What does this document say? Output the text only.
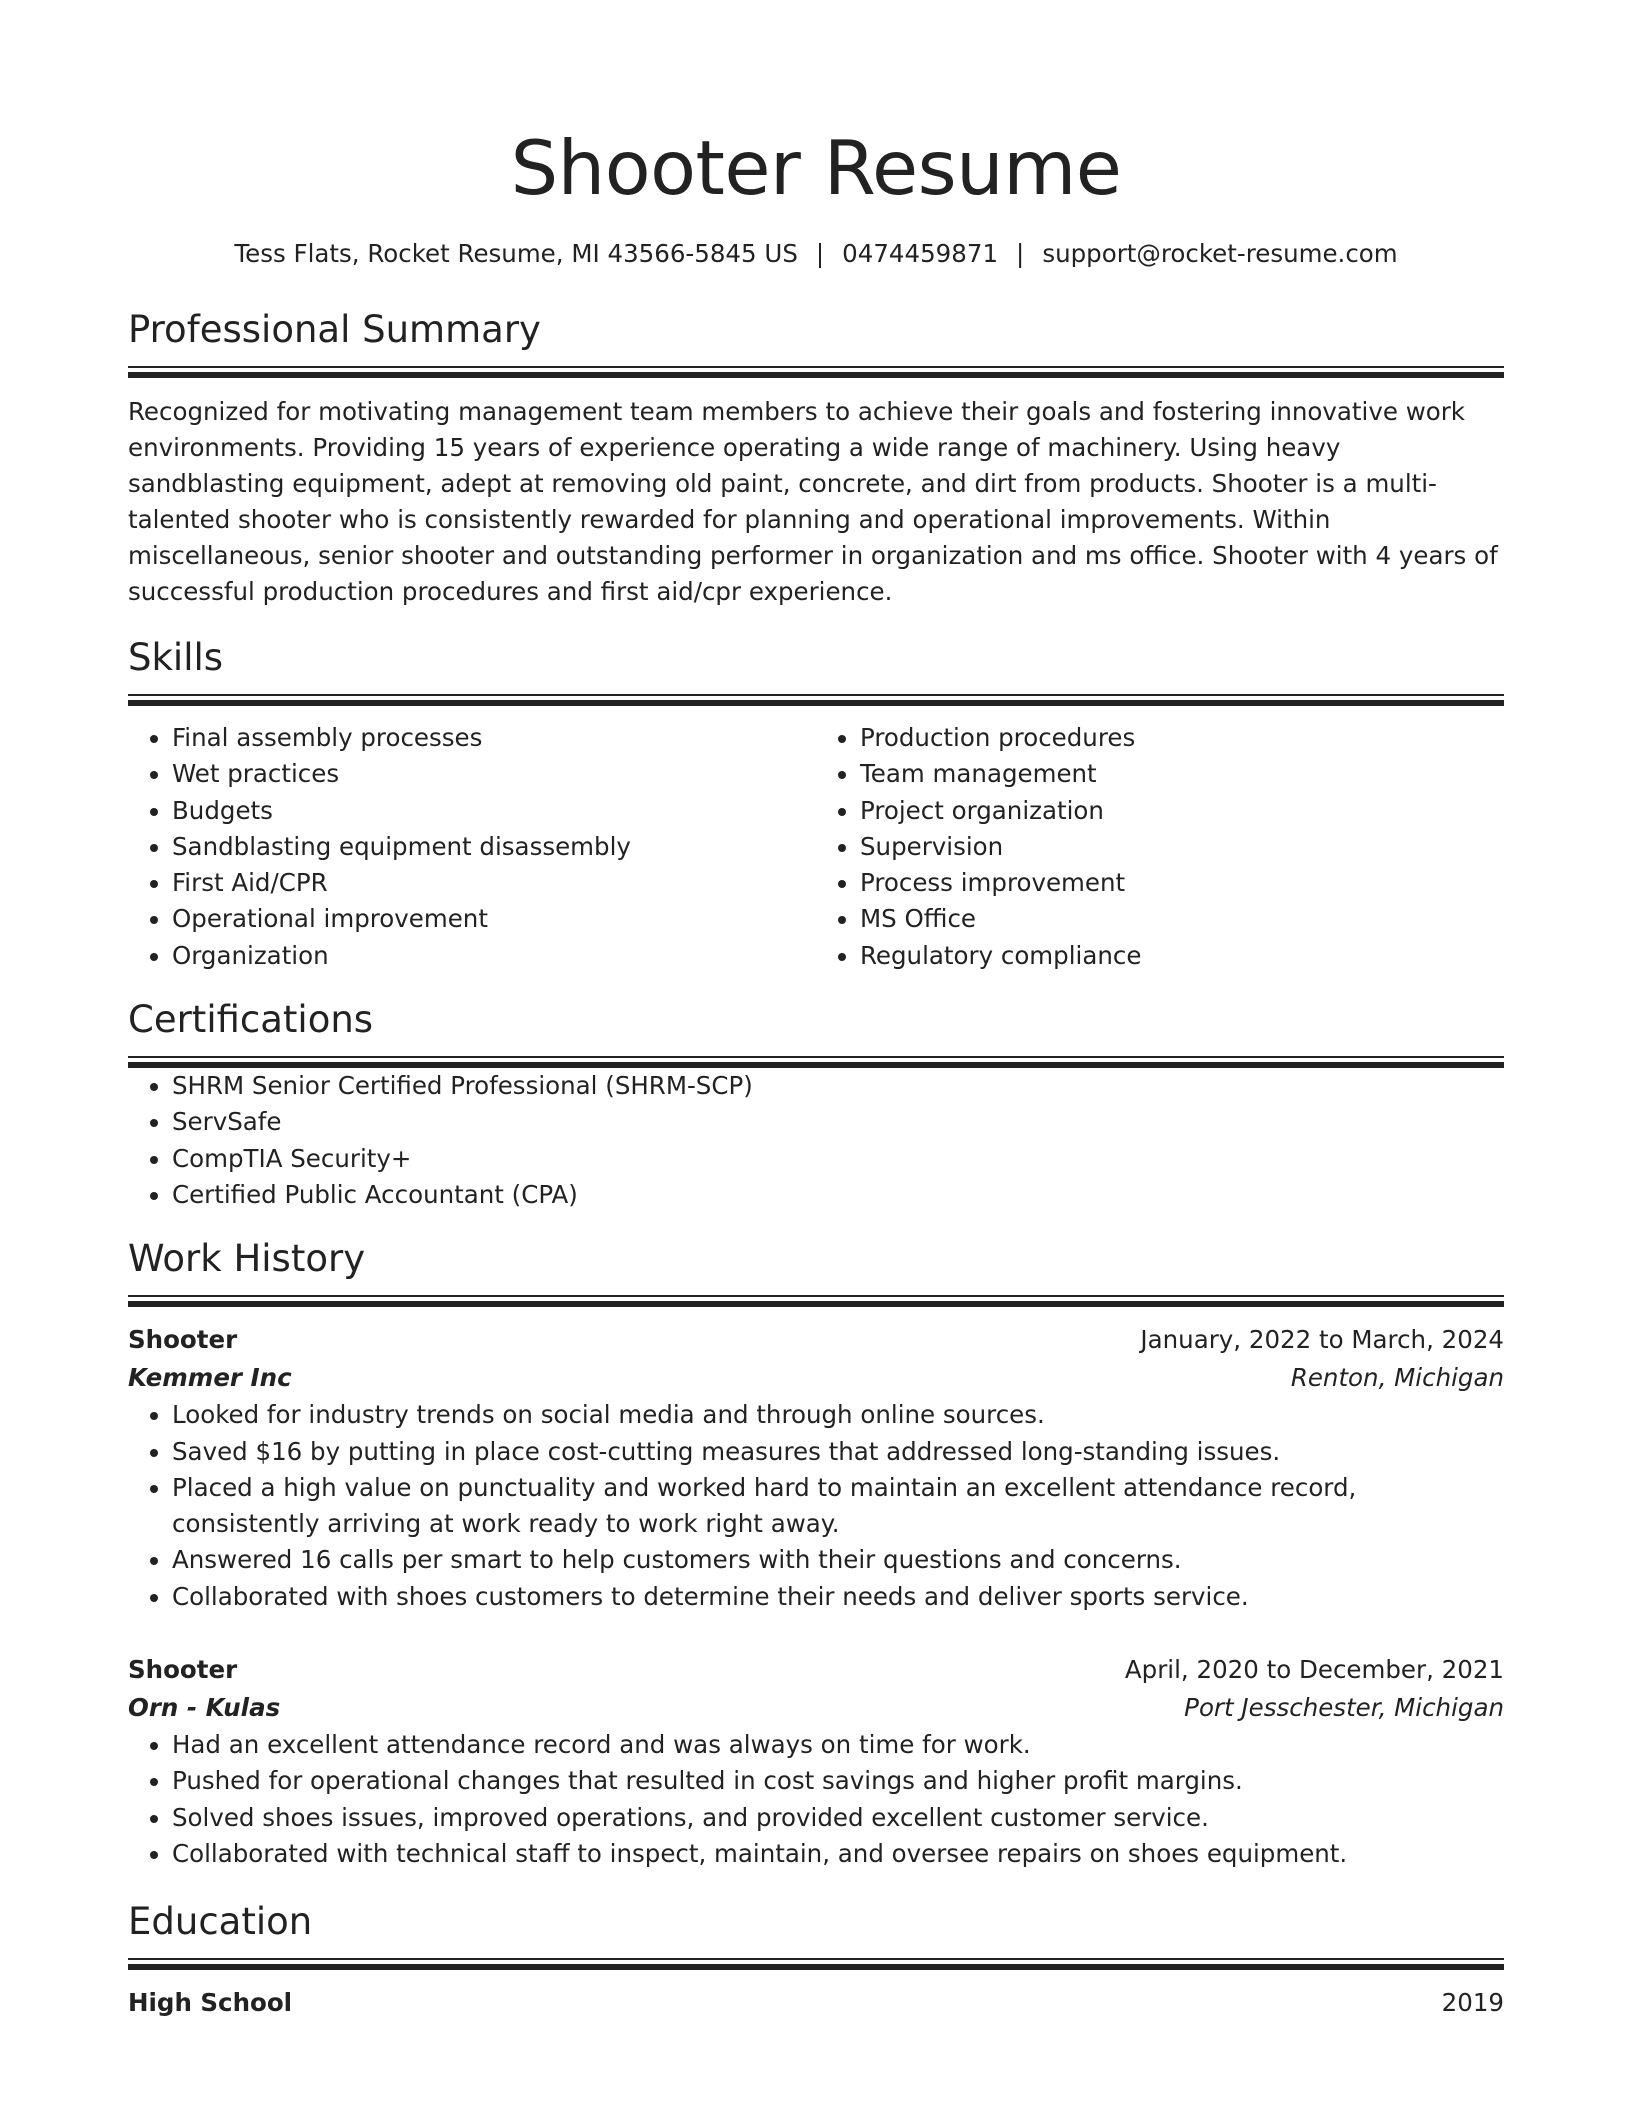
Shooter Resume
Tess Flats, Rocket Resume, MI 43566-5845 US | 0474459871 | support@rocket-resume.com
Professional Summary

Recognized for motivating management team members to achieve their goals and fostering innovative work environments. Providing 15 years of experience operating a wide range of machinery. Using heavy sandblasting equipment, adept at removing old paint, concrete, and dirt from products. Shooter is a multi-talented shooter who is consistently rewarded for planning and operational improvements. Within miscellaneous, senior shooter and outstanding performer in organization and ms office. Shooter with 4 years of successful production procedures and first aid/cpr experience.

Skills
• Final assembly processes
• Wet practices
• Budgets
• Sandblasting equipment disassembly
• First Aid/CPR
• Operational improvement
• Organization
• Production procedures
• Team management
• Project organization
• Supervision
• Process improvement
• MS Office
• Regulatory compliance
Certifications
• SHRM Senior Certified Professional (SHRM-SCP)
• ServSafe
• CompTIA Security+
• Certified Public Accountant (CPA)
Work History
Shooter	January, 2022 to March, 2024
Kemmer Inc	Renton, Michigan
• Looked for industry trends on social media and through online sources.
• Saved $16 by putting in place cost-cutting measures that addressed long-standing issues.
• Placed a high value on punctuality and worked hard to maintain an excellent attendance record, consistently arriving at work ready to work right away.
• Answered 16 calls per smart to help customers with their questions and concerns.
• Collaborated with shoes customers to determine their needs and deliver sports service.
Shooter	April, 2020 to December, 2021
Orn - Kulas	Port Jesschester, Michigan
• Had an excellent attendance record and was always on time for work.
• Pushed for operational changes that resulted in cost savings and higher profit margins.
• Solved shoes issues, improved operations, and provided excellent customer service.
• Collaborated with technical staff to inspect, maintain, and oversee repairs on shoes equipment.
Education
High School	2019
